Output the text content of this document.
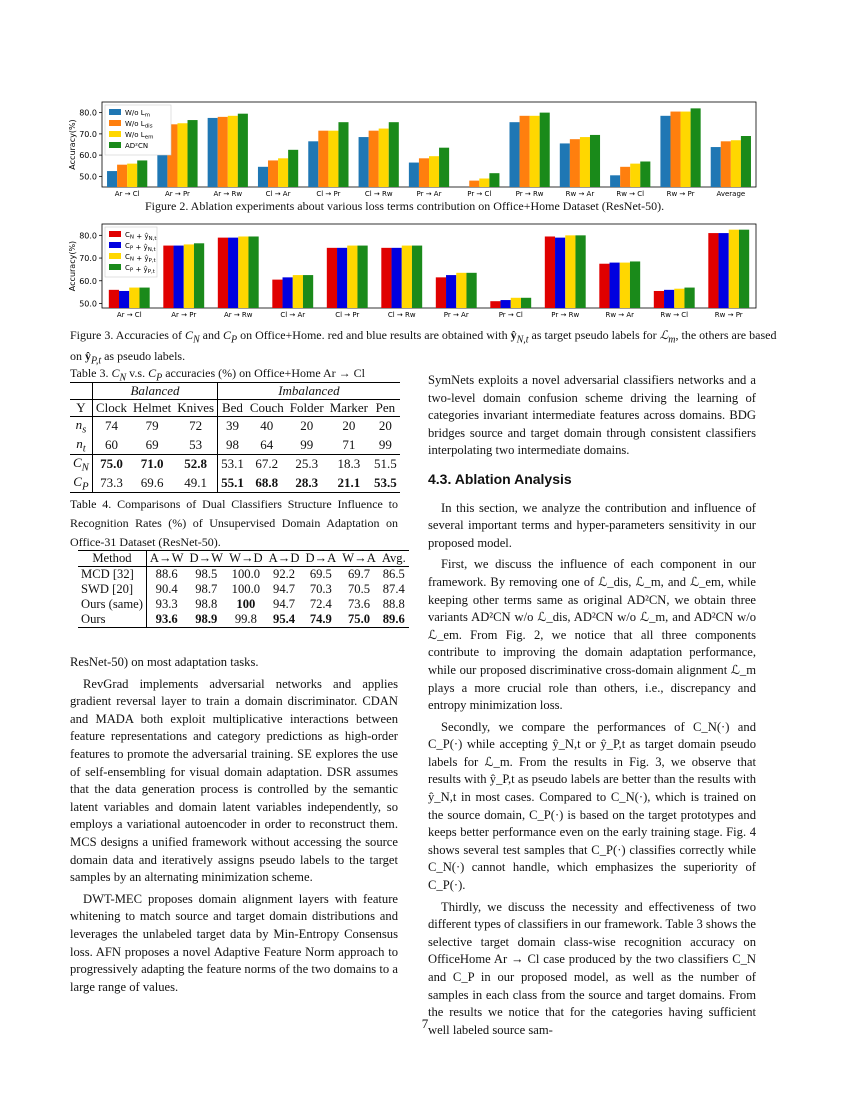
80.0
70.0
60.0
50.0
Accuracy(%)
Ar → Cl	Ar → Pr	Ar → Rw	Cl → Ar	Cl → Pr	Cl → Rw	Pr → Ar	Pr → Cl	Pr → Rw	Rw → Ar	Rw → Cl	Rw → Pr	Average
W/o $L_m$
W/o $L_{dis}$
W/o $L_{em}$
AD²CN
Figure 2. Ablation experiments about various loss terms contribution on Office+Home Dataset (ResNet-50).
80.0
70.0
60.0
50.0
Accuracy(%)
Ar → Cl	Ar → Pr	Ar → Rw	Cl → Ar	Cl → Pr	Cl → Rw	Pr → Ar	Pr → Cl	Pr → Rw	Rw → Ar	Rw → Cl	Rw → Pr
$C_N$ + $ŷ_{N,t}$
$C_P$ + $ŷ_{N,t}$
$C_N$ + $ŷ_{P,t}$
$C_P$ + $ŷ_{P,t}$
Figure 3. Accuracies of $C_N$ and $C_P$ on Office+Home. red and blue results are obtained with $ŷ_{N,t}$ as target pseudo labels for ℒ$_m$, the others are based on $ŷ_{P,t}$ as pseudo labels.
Table 3. $C_N$ v.s. $C_P$ accuracies (%) on Office+Home Ar → Cl
	Balanced			Imbalanced				
Y	Clock	Helmet	Knives	Bed	Couch	Folder	Marker	Pen
$n_s$	74	79	72	39	40	20	20	20
$n_t$	60	69	53	98	64	99	71	99
$C_N$	75.0	71.0	52.8	53.1	67.2	25.3	18.3	51.5
$C_P$	73.3	69.6	49.1	55.1	68.8	28.3	21.1	53.5
Table 4. Comparisons of Dual Classifiers Structure Influence to Recognition Rates (%) of Unsupervised Domain Adaptation on Office-31 Dataset (ResNet-50).
Method	A→W	D→W	W→D	A→D	D→A	W→A	Avg.
MCD [32]	88.6	98.5	100.0	92.2	69.5	69.7	86.5
SWD [20]	90.4	98.7	100.0	94.7	70.3	70.5	87.4
Ours (same)	93.3	98.8	100	94.7	72.4	73.6	88.8
Ours	93.6	98.9	99.8	95.4	74.9	75.0	89.6

ResNet-50) on most adaptation tasks.

RevGrad implements adversarial networks and applies gradient reversal layer to train a domain discriminator. CDAN and MADA both exploit multiplicative interactions between feature representations and category predictions as high-order features to promote the adversarial training. SE explores the use of self-ensembling for visual domain adaptation. DSR assumes that the data generation process is controlled by the semantic latent variables and domain latent variables independently, so employs a variational autoencoder in order to reconstruct them. MCS designs a unified framework without accessing the source domain data and iteratively assigns pseudo labels to the target samples by an alternating minimization scheme.

DWT-MEC proposes domain alignment layers with feature whitening to match source and target domain distributions and leverages the unlabeled target data by Min-Entropy Consensus loss. AFN proposes a novel Adaptive Feature Norm approach to progressively adapting the feature norms of the two domains to a large range of values.

SymNets exploits a novel adversarial classifiers networks and a two-level domain confusion scheme driving the learning of categories invariant intermediate features across domains. BDG bridges source and target domain through consistent classifiers interpolating two intermediate domains.

4.3. Ablation Analysis

In this section, we analyze the contribution and influence of several important terms and hyper-parameters sensitivity in our proposed model.

First, we discuss the influence of each component in our framework. By removing one of ℒ_dis, ℒ_m, and ℒ_em, while keeping other terms same as original AD²CN, we obtain three variants AD²CN w/o ℒ_dis, AD²CN w/o ℒ_m, and AD²CN w/o ℒ_em. From Fig. 2, we notice that all three components contribute to improving the domain adaptation performance, while our proposed discriminative cross-domain alignment ℒ_m plays a more crucial role than others, i.e., discrepancy and entropy minimization loss.

Secondly, we compare the performances of C_N(·) and C_P(·) while accepting ŷ_N,t or ŷ_P,t as target domain pseudo labels for ℒ_m. From the results in Fig. 3, we observe that results with ŷ_P,t as pseudo labels are better than the results with ŷ_N,t in most cases. Compared to C_N(·), which is trained on the source domain, C_P(·) is based on the target prototypes and keeps better performance even on the early training stage. Fig. 4 shows several test samples that C_P(·) classifies correctly while C_N(·) cannot handle, which emphasizes the superiority of C_P(·).

Thirdly, we discuss the necessity and effectiveness of two different types of classifiers in our framework. Table 3 shows the selective target domain class-wise recognition accuracy on OfficeHome Ar → Cl case produced by the two classifiers C_N and C_P in our proposed model, as well as the number of samples in each class from the source and target domains. From the results we notice that for the categories having sufficient well labeled source sam-

7
